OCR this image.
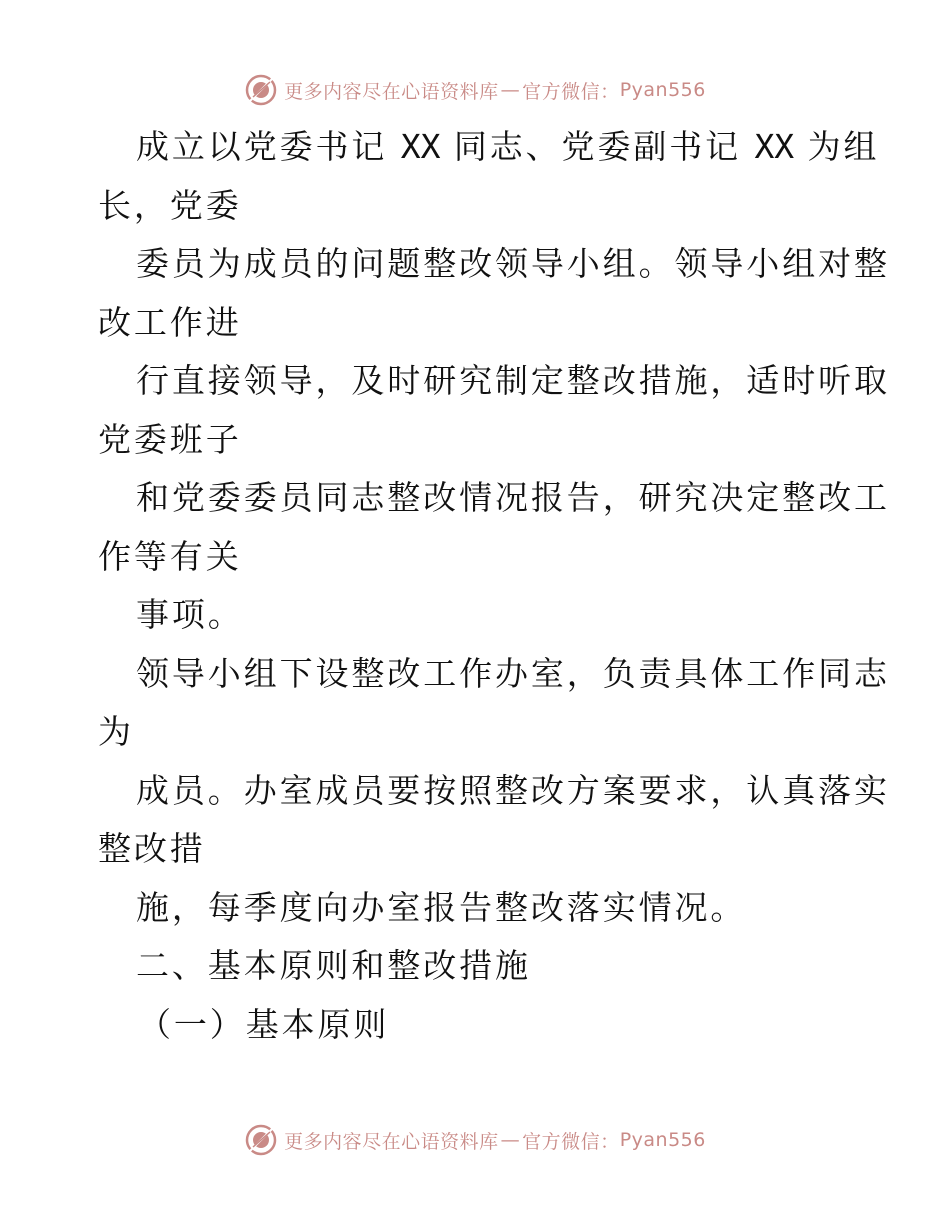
更多内容尽在心语资料库 — 官方微信： Pyan556
成立以党委书记 XX 同志、党委副书记 XX 为组
长，党委
委员为成员的问题整改领导小组。领导小组对整
改工作进
行直接领导，及时研究制定整改措施，适时听取
党委班子
和党委委员同志整改情况报告，研究决定整改工
作等有关
事项。
领导小组下设整改工作办室，负责具体工作同志
为
成员。办室成员要按照整改方案要求，认真落实
整改措
施，每季度向办室报告整改落实情况。
二、基本原则和整改措施
（一）基本原则
更多内容尽在心语资料库 — 官方微信： Pyan556
